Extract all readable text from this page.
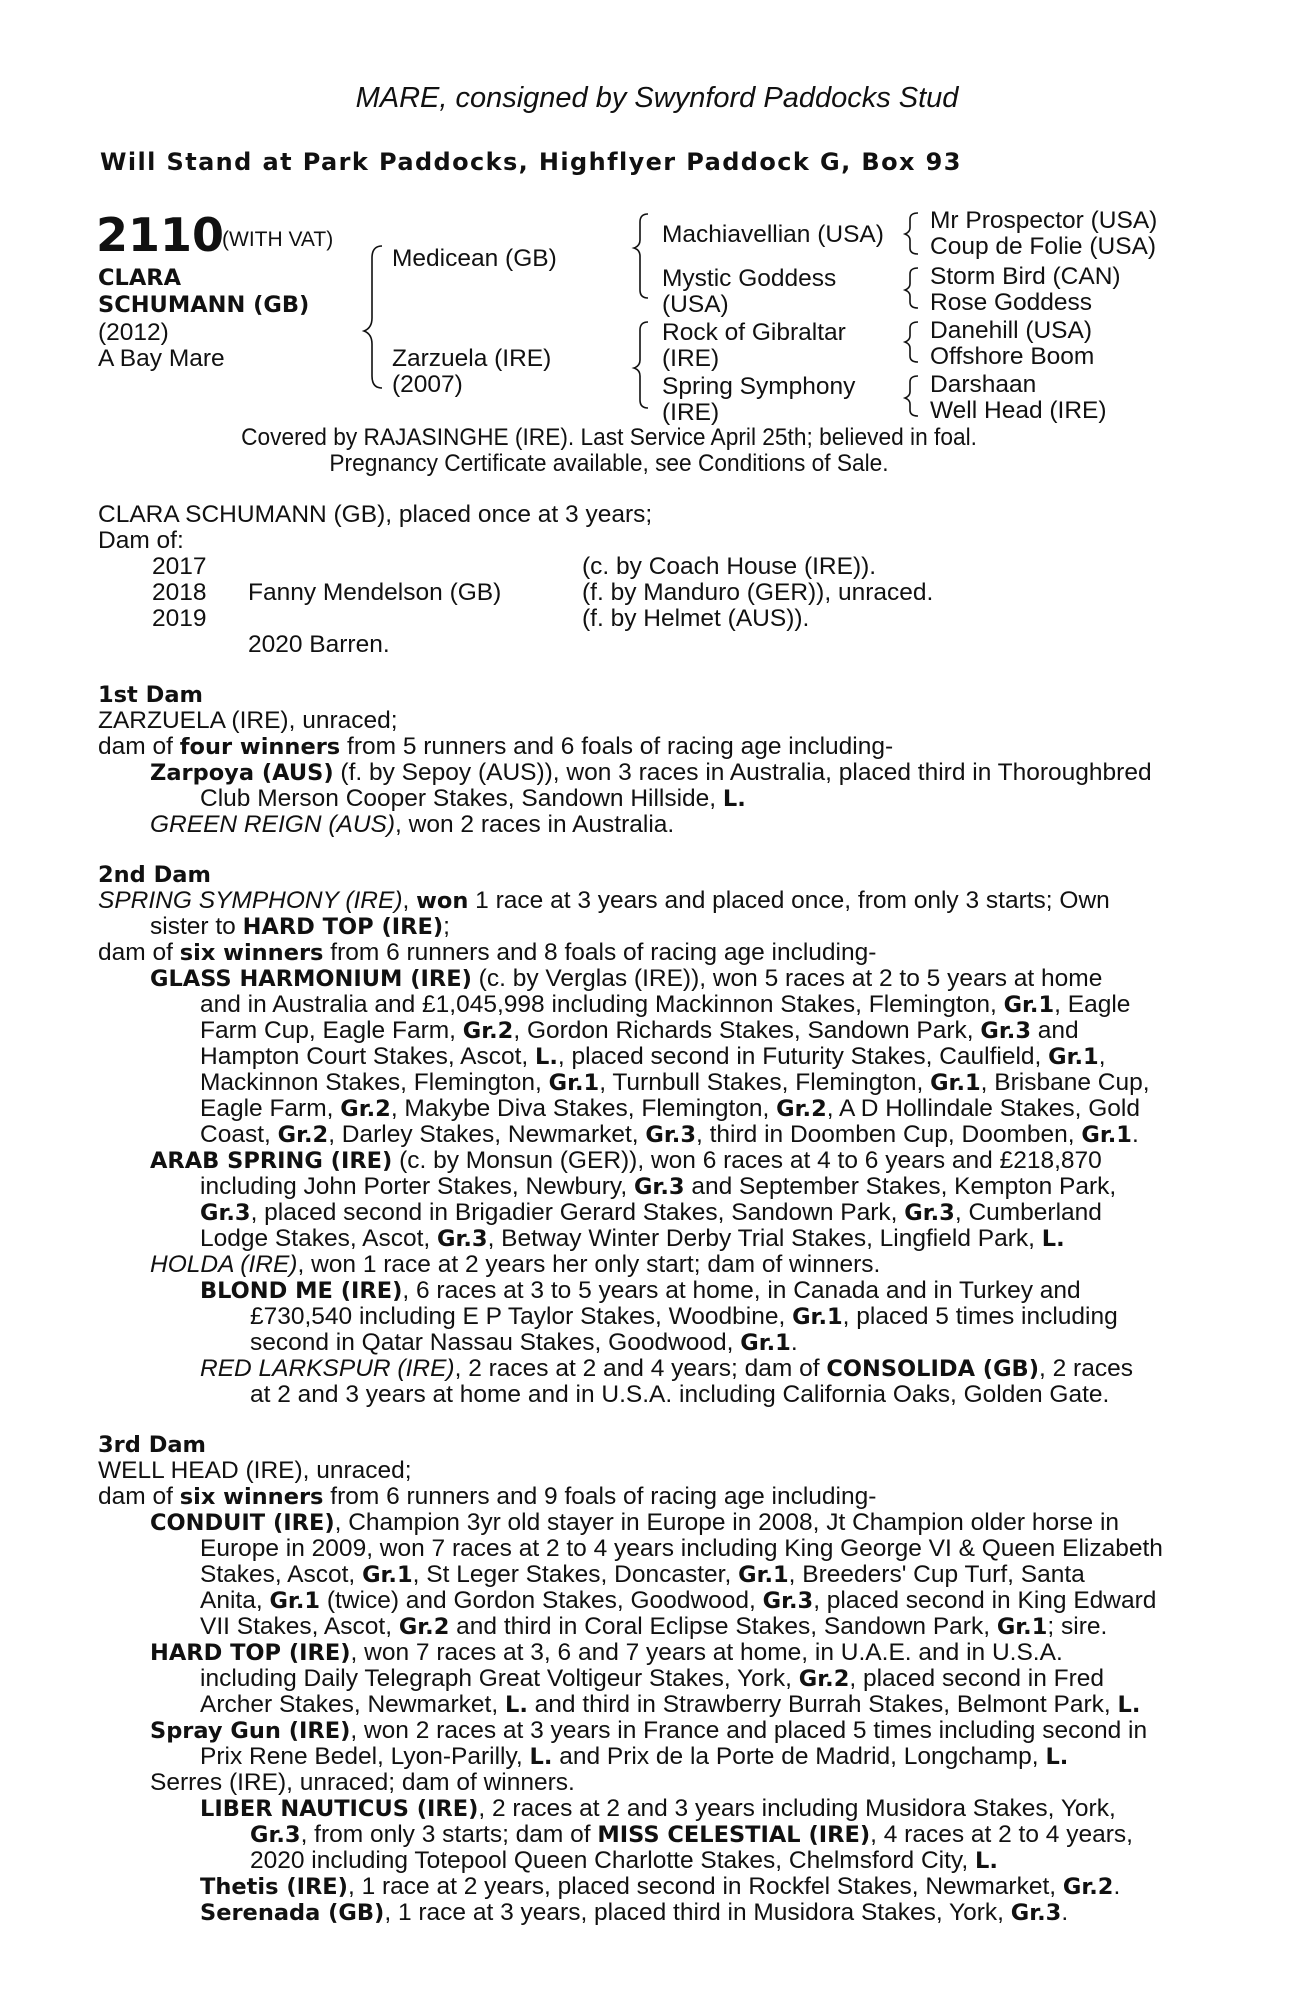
MARE, consigned by Swynford Paddocks Stud
Will Stand at Park Paddocks, Highflyer Paddock G, Box 93
2110
(WITH VAT)
CLARA
SCHUMANN (GB)
(2012)
A Bay Mare
Medicean (GB)
Zarzuela (IRE)
(2007)
Machiavellian (USA)
Mystic Goddess
(USA)
Rock of Gibraltar
(IRE)
Spring Symphony
(IRE)
Mr Prospector (USA)
Coup de Folie (USA)
Storm Bird (CAN)
Rose Goddess
Danehill (USA)
Offshore Boom
Darshaan
Well Head (IRE)
Covered by RAJASINGHE (IRE). Last Service April 25th; believed in foal.
Pregnancy Certificate available, see Conditions of Sale.
CLARA SCHUMANN (GB), placed once at 3 years;
Dam of:
2017	(c. by Coach House (IRE)).
2018 Fanny Mendelson (GB)	(f. by Manduro (GER)), unraced.
2019	(f. by Helmet (AUS)).
2020 Barren.
1st Dam
ZARZUELA (IRE), unraced;
dam of four winners from 5 runners and 6 foals of racing age including-
Zarpoya (AUS) (f. by Sepoy (AUS)), won 3 races in Australia, placed third in Thoroughbred
Club Merson Cooper Stakes, Sandown Hillside, L.
GREEN REIGN (AUS), won 2 races in Australia.
2nd Dam
SPRING SYMPHONY (IRE), won 1 race at 3 years and placed once, from only 3 starts; Own
sister to HARD TOP (IRE);
dam of six winners from 6 runners and 8 foals of racing age including-
GLASS HARMONIUM (IRE) (c. by Verglas (IRE)), won 5 races at 2 to 5 years at home
and in Australia and £1,045,998 including Mackinnon Stakes, Flemington, Gr.1, Eagle
Farm Cup, Eagle Farm, Gr.2, Gordon Richards Stakes, Sandown Park, Gr.3 and
Hampton Court Stakes, Ascot, L., placed second in Futurity Stakes, Caulfield, Gr.1,
Mackinnon Stakes, Flemington, Gr.1, Turnbull Stakes, Flemington, Gr.1, Brisbane Cup,
Eagle Farm, Gr.2, Makybe Diva Stakes, Flemington, Gr.2, A D Hollindale Stakes, Gold
Coast, Gr.2, Darley Stakes, Newmarket, Gr.3, third in Doomben Cup, Doomben, Gr.1.
ARAB SPRING (IRE) (c. by Monsun (GER)), won 6 races at 4 to 6 years and £218,870
including John Porter Stakes, Newbury, Gr.3 and September Stakes, Kempton Park,
Gr.3, placed second in Brigadier Gerard Stakes, Sandown Park, Gr.3, Cumberland
Lodge Stakes, Ascot, Gr.3, Betway Winter Derby Trial Stakes, Lingfield Park, L.
HOLDA (IRE), won 1 race at 2 years her only start; dam of winners.
BLOND ME (IRE), 6 races at 3 to 5 years at home, in Canada and in Turkey and
£730,540 including E P Taylor Stakes, Woodbine, Gr.1, placed 5 times including
second in Qatar Nassau Stakes, Goodwood, Gr.1.
RED LARKSPUR (IRE), 2 races at 2 and 4 years; dam of CONSOLIDA (GB), 2 races
at 2 and 3 years at home and in U.S.A. including California Oaks, Golden Gate.
3rd Dam
WELL HEAD (IRE), unraced;
dam of six winners from 6 runners and 9 foals of racing age including-
CONDUIT (IRE), Champion 3yr old stayer in Europe in 2008, Jt Champion older horse in
Europe in 2009, won 7 races at 2 to 4 years including King George VI & Queen Elizabeth
Stakes, Ascot, Gr.1, St Leger Stakes, Doncaster, Gr.1, Breeders' Cup Turf, Santa
Anita, Gr.1 (twice) and Gordon Stakes, Goodwood, Gr.3, placed second in King Edward
VII Stakes, Ascot, Gr.2 and third in Coral Eclipse Stakes, Sandown Park, Gr.1; sire.
HARD TOP (IRE), won 7 races at 3, 6 and 7 years at home, in U.A.E. and in U.S.A.
including Daily Telegraph Great Voltigeur Stakes, York, Gr.2, placed second in Fred
Archer Stakes, Newmarket, L. and third in Strawberry Burrah Stakes, Belmont Park, L.
Spray Gun (IRE), won 2 races at 3 years in France and placed 5 times including second in
Prix Rene Bedel, Lyon-Parilly, L. and Prix de la Porte de Madrid, Longchamp, L.
Serres (IRE), unraced; dam of winners.
LIBER NAUTICUS (IRE), 2 races at 2 and 3 years including Musidora Stakes, York,
Gr.3, from only 3 starts; dam of MISS CELESTIAL (IRE), 4 races at 2 to 4 years,
2020 including Totepool Queen Charlotte Stakes, Chelmsford City, L.
Thetis (IRE), 1 race at 2 years, placed second in Rockfel Stakes, Newmarket, Gr.2.
Serenada (GB), 1 race at 3 years, placed third in Musidora Stakes, York, Gr.3.
